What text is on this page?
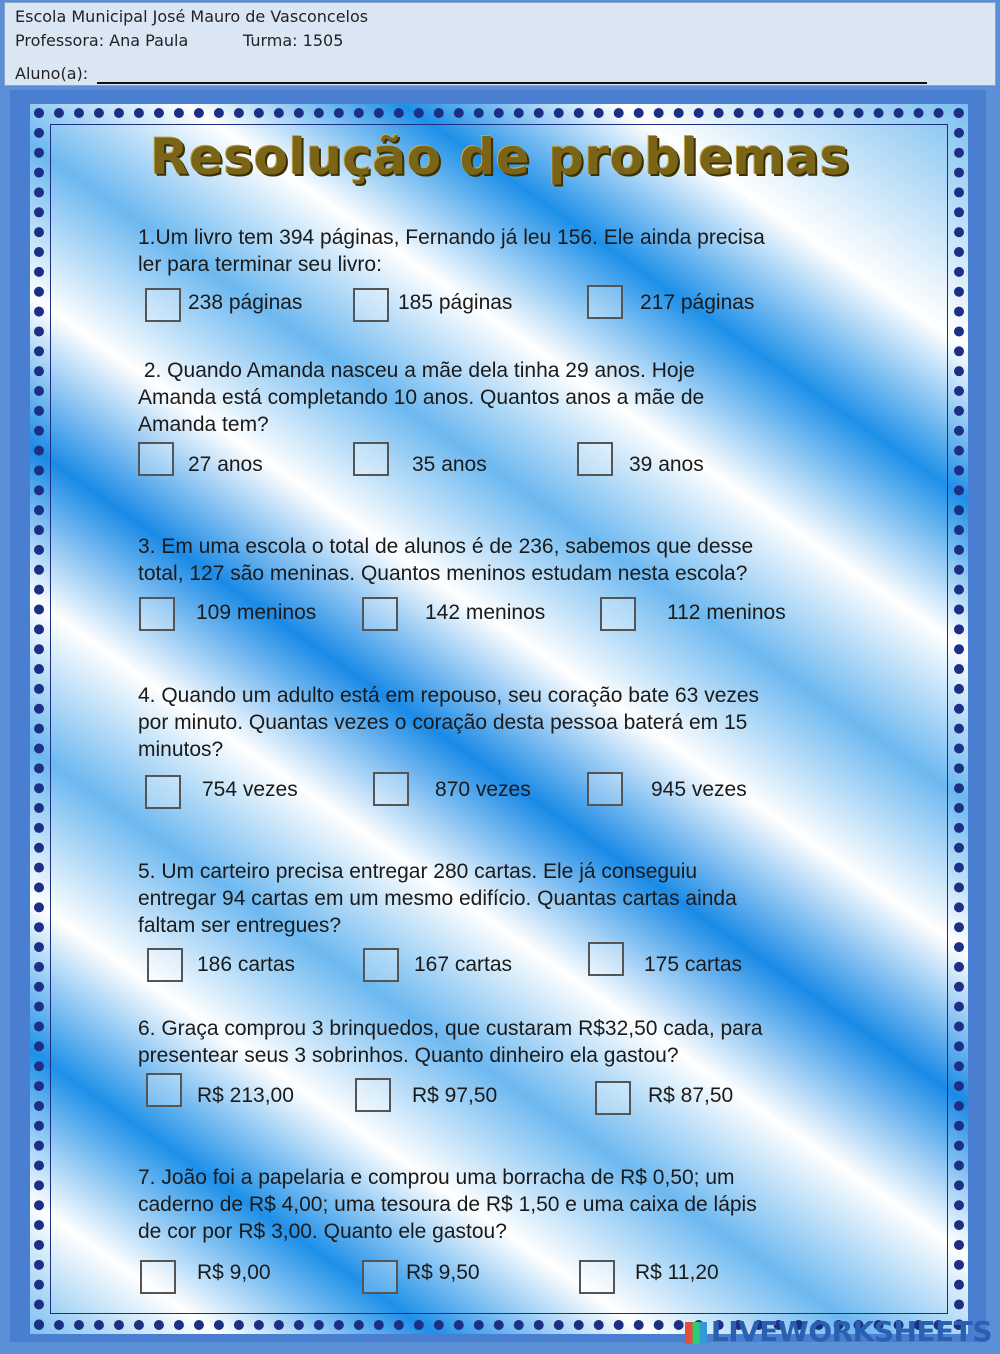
Escola Municipal José Mauro de Vasconcelos
Professora: Ana Paula	Turma: 1505
Aluno(a):
Resolução de problemas
1.Um livro tem 394 páginas, Fernando já leu 156. Ele ainda precisa
ler para terminar seu livro:
238 páginas	185 páginas	217 páginas
2. Quando Amanda nasceu a mãe dela tinha 29 anos. Hoje
Amanda está completando 10 anos. Quantos anos a mãe de
Amanda tem?
27 anos	35 anos	39 anos
3. Em uma escola o total de alunos é de 236, sabemos que desse
total, 127 são meninas. Quantos meninos estudam nesta escola?
109 meninos	142 meninos	112 meninos
4. Quando um adulto está em repouso, seu coração bate 63 vezes
por minuto. Quantas vezes o coração desta pessoa baterá em 15
minutos?
754 vezes	870 vezes	945 vezes
5. Um carteiro precisa entregar 280 cartas. Ele já conseguiu
entregar 94 cartas em um mesmo edifício. Quantas cartas ainda
faltam ser entregues?
186 cartas	167 cartas	175 cartas
6. Graça comprou 3 brinquedos, que custaram R$32,50 cada, para
presentear seus 3 sobrinhos. Quanto dinheiro ela gastou?
R$ 213,00	R$ 97,50	R$ 87,50
7. João foi a papelaria e comprou uma borracha de R$ 0,50; um
caderno de R$ 4,00; uma tesoura de R$ 1,50 e uma caixa de lápis
de cor por R$ 3,00. Quanto ele gastou?
R$ 9,00	R$ 9,50	R$ 11,20
LIVEWORKSHEETS
